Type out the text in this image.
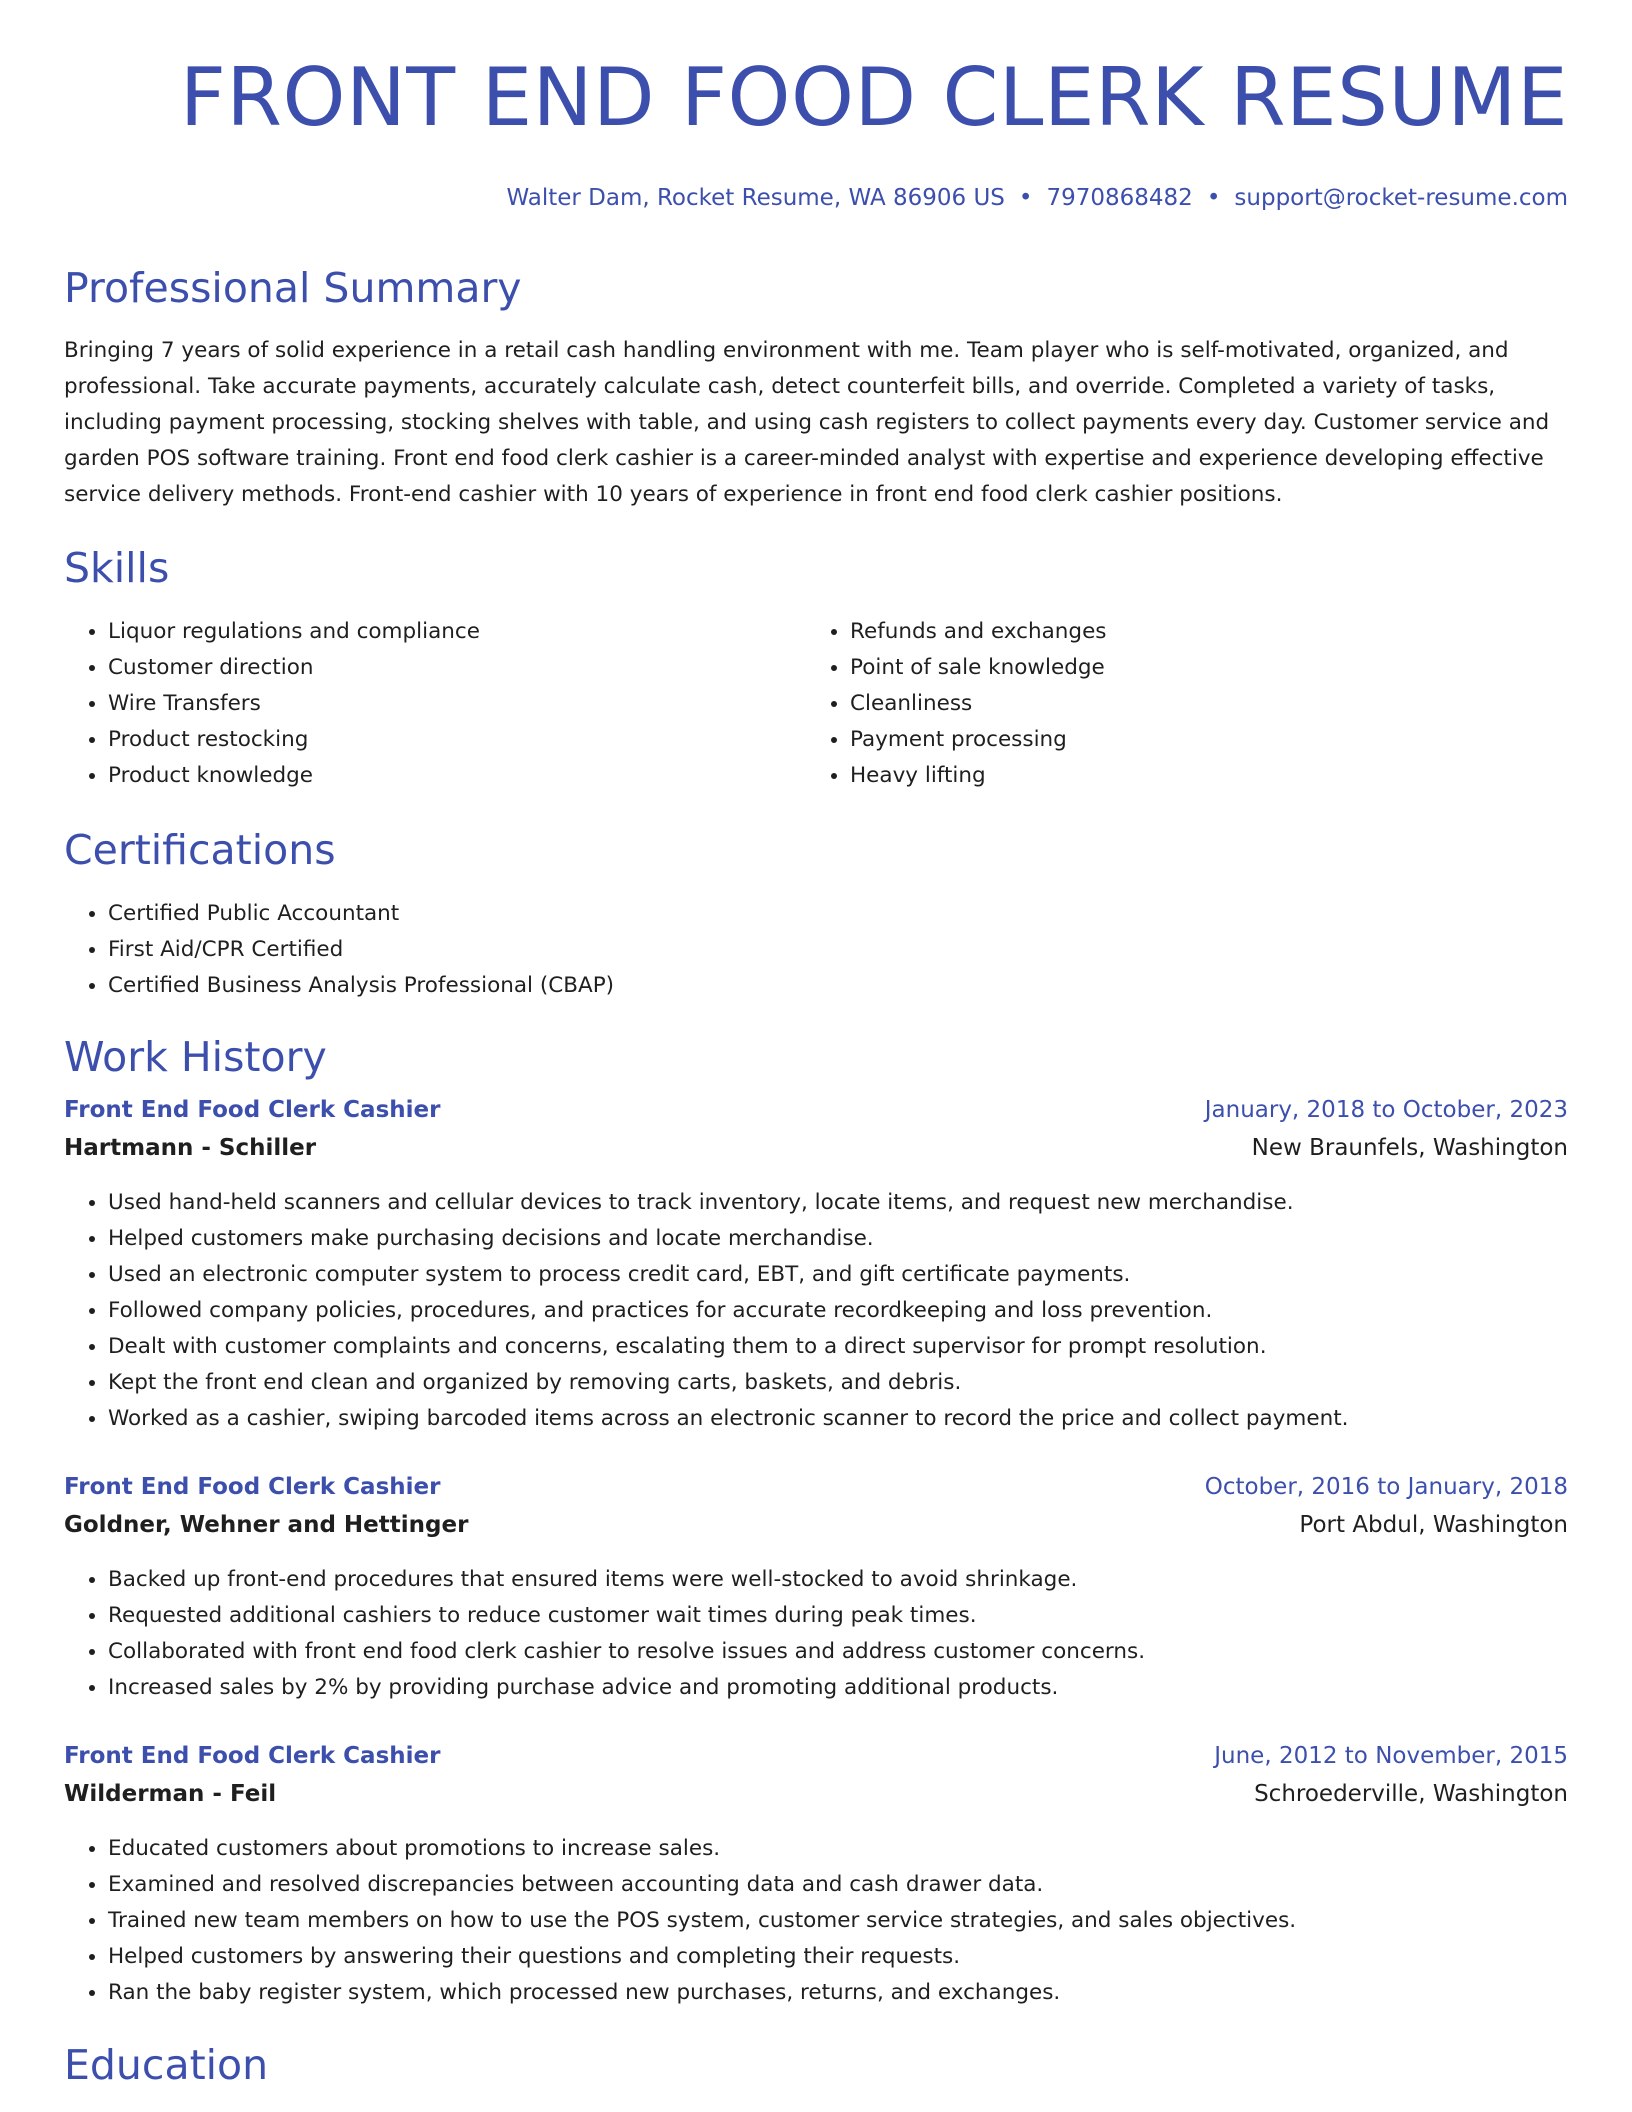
FRONT END FOOD CLERK RESUME
Walter Dam, Rocket Resume, WA 86906 US • 7970868482 • support@rocket-resume.com
Professional Summary

Bringing 7 years of solid experience in a retail cash handling environment with me. Team player who is self-motivated, organized, and professional. Take accurate payments, accurately calculate cash, detect counterfeit bills, and override. Completed a variety of tasks, including payment processing, stocking shelves with table, and using cash registers to collect payments every day. Customer service and garden POS software training. Front end food clerk cashier is a career-minded analyst with expertise and experience developing effective service delivery methods. Front-end cashier with 10 years of experience in front end food clerk cashier positions.

Skills
• Liquor regulations and compliance
• Customer direction
• Wire Transfers
• Product restocking
• Product knowledge
• Refunds and exchanges
• Point of sale knowledge
• Cleanliness
• Payment processing
• Heavy lifting
Certifications
• Certified Public Accountant
• First Aid/CPR Certified
• Certified Business Analysis Professional (CBAP)
Work History
Front End Food Clerk Cashier	January, 2018 to October, 2023
Hartmann - Schiller	New Braunfels, Washington
• Used hand-held scanners and cellular devices to track inventory, locate items, and request new merchandise.
• Helped customers make purchasing decisions and locate merchandise.
• Used an electronic computer system to process credit card, EBT, and gift certificate payments.
• Followed company policies, procedures, and practices for accurate recordkeeping and loss prevention.
• Dealt with customer complaints and concerns, escalating them to a direct supervisor for prompt resolution.
• Kept the front end clean and organized by removing carts, baskets, and debris.
• Worked as a cashier, swiping barcoded items across an electronic scanner to record the price and collect payment.
Front End Food Clerk Cashier	October, 2016 to January, 2018
Goldner, Wehner and Hettinger	Port Abdul, Washington
• Backed up front-end procedures that ensured items were well-stocked to avoid shrinkage.
• Requested additional cashiers to reduce customer wait times during peak times.
• Collaborated with front end food clerk cashier to resolve issues and address customer concerns.
• Increased sales by 2% by providing purchase advice and promoting additional products.
Front End Food Clerk Cashier	June, 2012 to November, 2015
Wilderman - Feil	Schroederville, Washington
• Educated customers about promotions to increase sales.
• Examined and resolved discrepancies between accounting data and cash drawer data.
• Trained new team members on how to use the POS system, customer service strategies, and sales objectives.
• Helped customers by answering their questions and completing their requests.
• Ran the baby register system, which processed new purchases, returns, and exchanges.
Education
